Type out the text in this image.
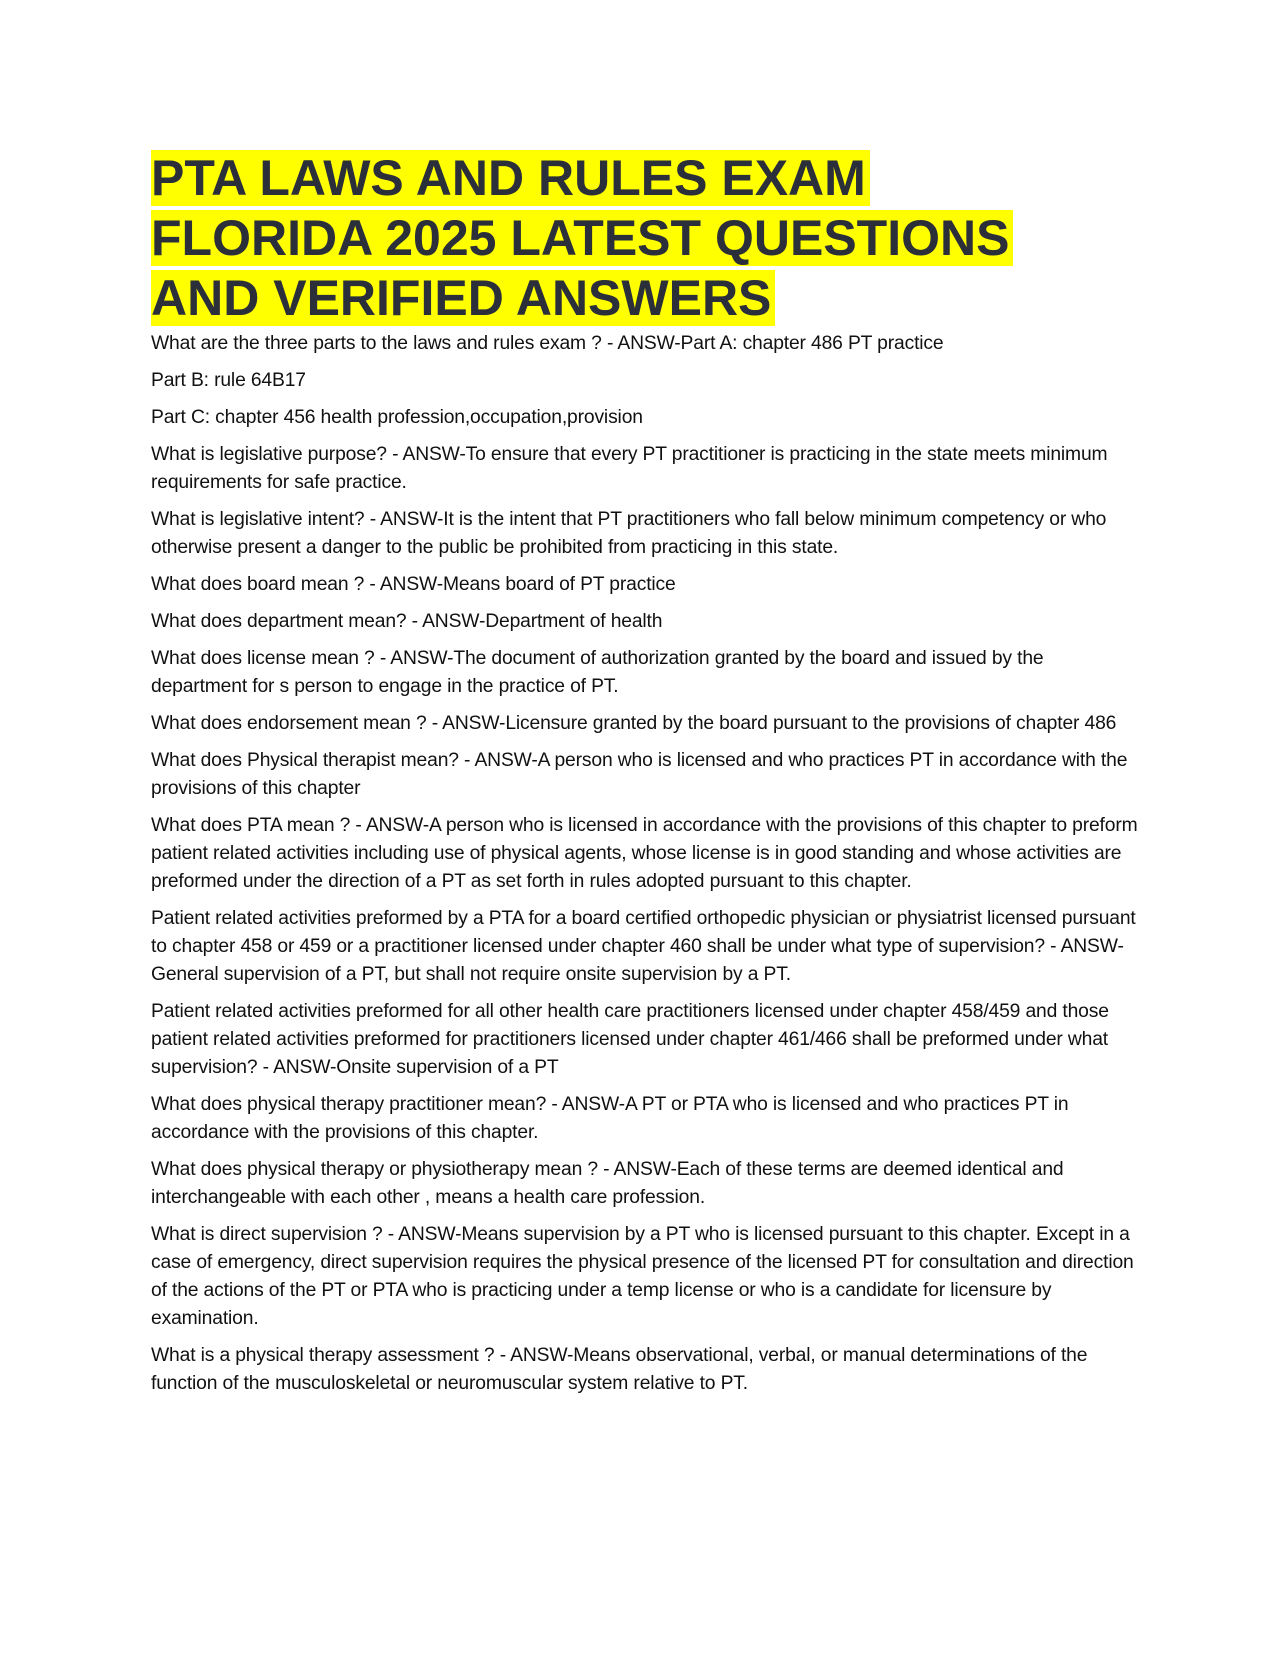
PTA LAWS AND RULES EXAM
FLORIDA 2025 LATEST QUESTIONS
AND VERIFIED ANSWERS

What are the three parts to the laws and rules exam ? - ANSW-Part A: chapter 486 PT practice

Part B: rule 64B17

Part C: chapter 456 health profession,occupation,provision

What is legislative purpose? - ANSW-To ensure that every PT practitioner is practicing in the state meets minimum requirements for safe practice.

What is legislative intent? - ANSW-It is the intent that PT practitioners who fall below minimum competency or who otherwise present a danger to the public be prohibited from practicing in this state.

What does board mean ? - ANSW-Means board of PT practice

What does department mean? - ANSW-Department of health

What does license mean ? - ANSW-The document of authorization granted by the board and issued by the department for s person to engage in the practice of PT.

What does endorsement mean ? - ANSW-Licensure granted by the board pursuant to the provisions of chapter 486

What does Physical therapist mean? - ANSW-A person who is licensed and who practices PT in accordance with the provisions of this chapter

What does PTA mean ? - ANSW-A person who is licensed in accordance with the provisions of this chapter to preform patient related activities including use of physical agents, whose license is in good standing and whose activities are preformed under the direction of a PT as set forth in rules adopted pursuant to this chapter.

Patient related activities preformed by a PTA for a board certified orthopedic physician or physiatrist licensed pursuant to chapter 458 or 459 or a practitioner licensed under chapter 460 shall be under what type of supervision? - ANSW-General supervision of a PT, but shall not require onsite supervision by a PT.

Patient related activities preformed for all other health care practitioners licensed under chapter 458/459 and those patient related activities preformed for practitioners licensed under chapter 461/466 shall be preformed under what supervision? - ANSW-Onsite supervision of a PT

What does physical therapy practitioner mean? - ANSW-A PT or PTA who is licensed and who practices PT in accordance with the provisions of this chapter.

What does physical therapy or physiotherapy mean ? - ANSW-Each of these terms are deemed identical and interchangeable with each other , means a health care profession.

What is direct supervision ? - ANSW-Means supervision by a PT who is licensed pursuant to this chapter. Except in a case of emergency, direct supervision requires the physical presence of the licensed PT for consultation and direction of the actions of the PT or PTA who is practicing under a temp license or who is a candidate for licensure by examination.

What is a physical therapy assessment ? - ANSW-Means observational, verbal, or manual determinations of the function of the musculoskeletal or neuromuscular system relative to PT.
